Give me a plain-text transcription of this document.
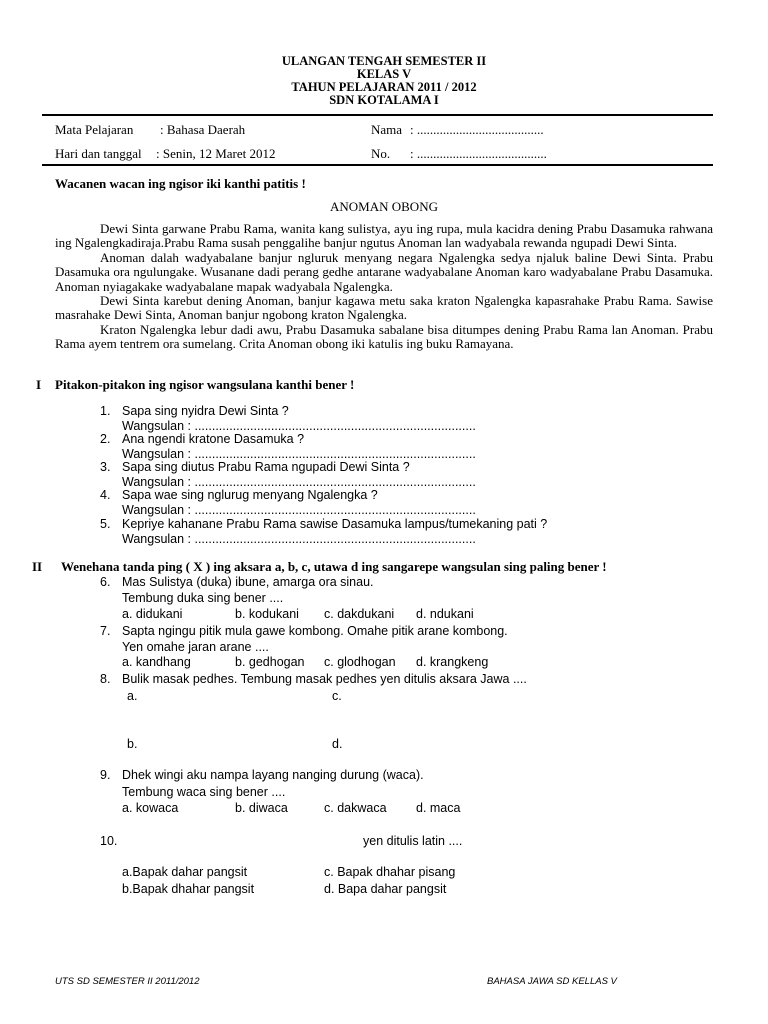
ULANGAN TENGAH SEMESTER II
KELAS V
TAHUN PELAJARAN 2011 / 2012
SDN KOTALAMA I
Mata Pelajaran : Bahasa Daerah	Nama : .......................................
Hari dan tanggal : Senin, 12 Maret 2012	No. : ........................................
Wacanen wacan ing ngisor iki kanthi patitis !
ANOMAN OBONG

Dewi Sinta garwane Prabu Rama, wanita kang sulistya, ayu ing rupa, mula kacidra dening Prabu Dasamuka rahwana ing Ngalengkadiraja.Prabu Rama susah penggalihe banjur ngutus Anoman lan wadyabala rewanda ngupadi Dewi Sinta.

Anoman dalah wadyabalane banjur ngluruk menyang negara Ngalengka sedya njaluk baline Dewi Sinta. Prabu Dasamuka ora ngulungake. Wusanane dadi perang gedhe antarane wadyabalane Anoman karo wadyabalane Prabu Dasamuka. Anoman nyiagakake wadyabalane mapak wadyabala Ngalengka.

Dewi Sinta karebut dening Anoman, banjur kagawa metu saka kraton Ngalengka kapasrahake Prabu Rama. Sawise masrahake Dewi Sinta, Anoman banjur ngobong kraton Ngalengka.

Kraton Ngalengka lebur dadi awu, Prabu Dasamuka sabalane bisa ditumpes dening Prabu Rama lan Anoman. Prabu Rama ayem tentrem ora sumelang. Crita Anoman obong iki katulis ing buku Ramayana.

I Pitakon-pitakon ing ngisor wangsulana kanthi bener !
1. Sapa sing nyidra Dewi Sinta ?
Wangsulan : .................................................................................
2. Ana ngendi kratone Dasamuka ?
Wangsulan : .................................................................................
3. Sapa sing diutus Prabu Rama ngupadi Dewi Sinta ?
Wangsulan : .................................................................................
4. Sapa wae sing nglurug menyang Ngalengka ?
Wangsulan : .................................................................................
5. Kepriye kahanane Prabu Rama sawise Dasamuka lampus/tumekaning pati ?
Wangsulan : .................................................................................
II Wenehana tanda ping ( X ) ing aksara a, b, c, utawa d ing sangarepe wangsulan sing paling bener !
6. Mas Sulistya (duka) ibune, amarga ora sinau.
Tembung duka sing bener ....
a. didukani	b. kodukani c. dakdukani d. ndukani
7. Sapta ngingu pitik mula gawe kombong. Omahe pitik arane kombong.
Yen omahe jaran arane ....
a. kandhang	b. gedhogan c. glodhogan d. krangkeng
8. Bulik masak pedhes. Tembung masak pedhes yen ditulis aksara Jawa ....
a.	c.
b.	d.
9. Dhek wingi aku nampa layang nanging durung (waca).
Tembung waca sing bener ....
a. kowaca	b. diwaca	c. dakwaca d. maca
10.	yen ditulis latin ....
a.Bapak dahar pangsit	c. Bapak dhahar pisang
b.Bapak dhahar pangsit	d. Bapa dahar pangsit
UTS SD SEMESTER II 2011/2012	BAHASA JAWA SD KELLAS V
